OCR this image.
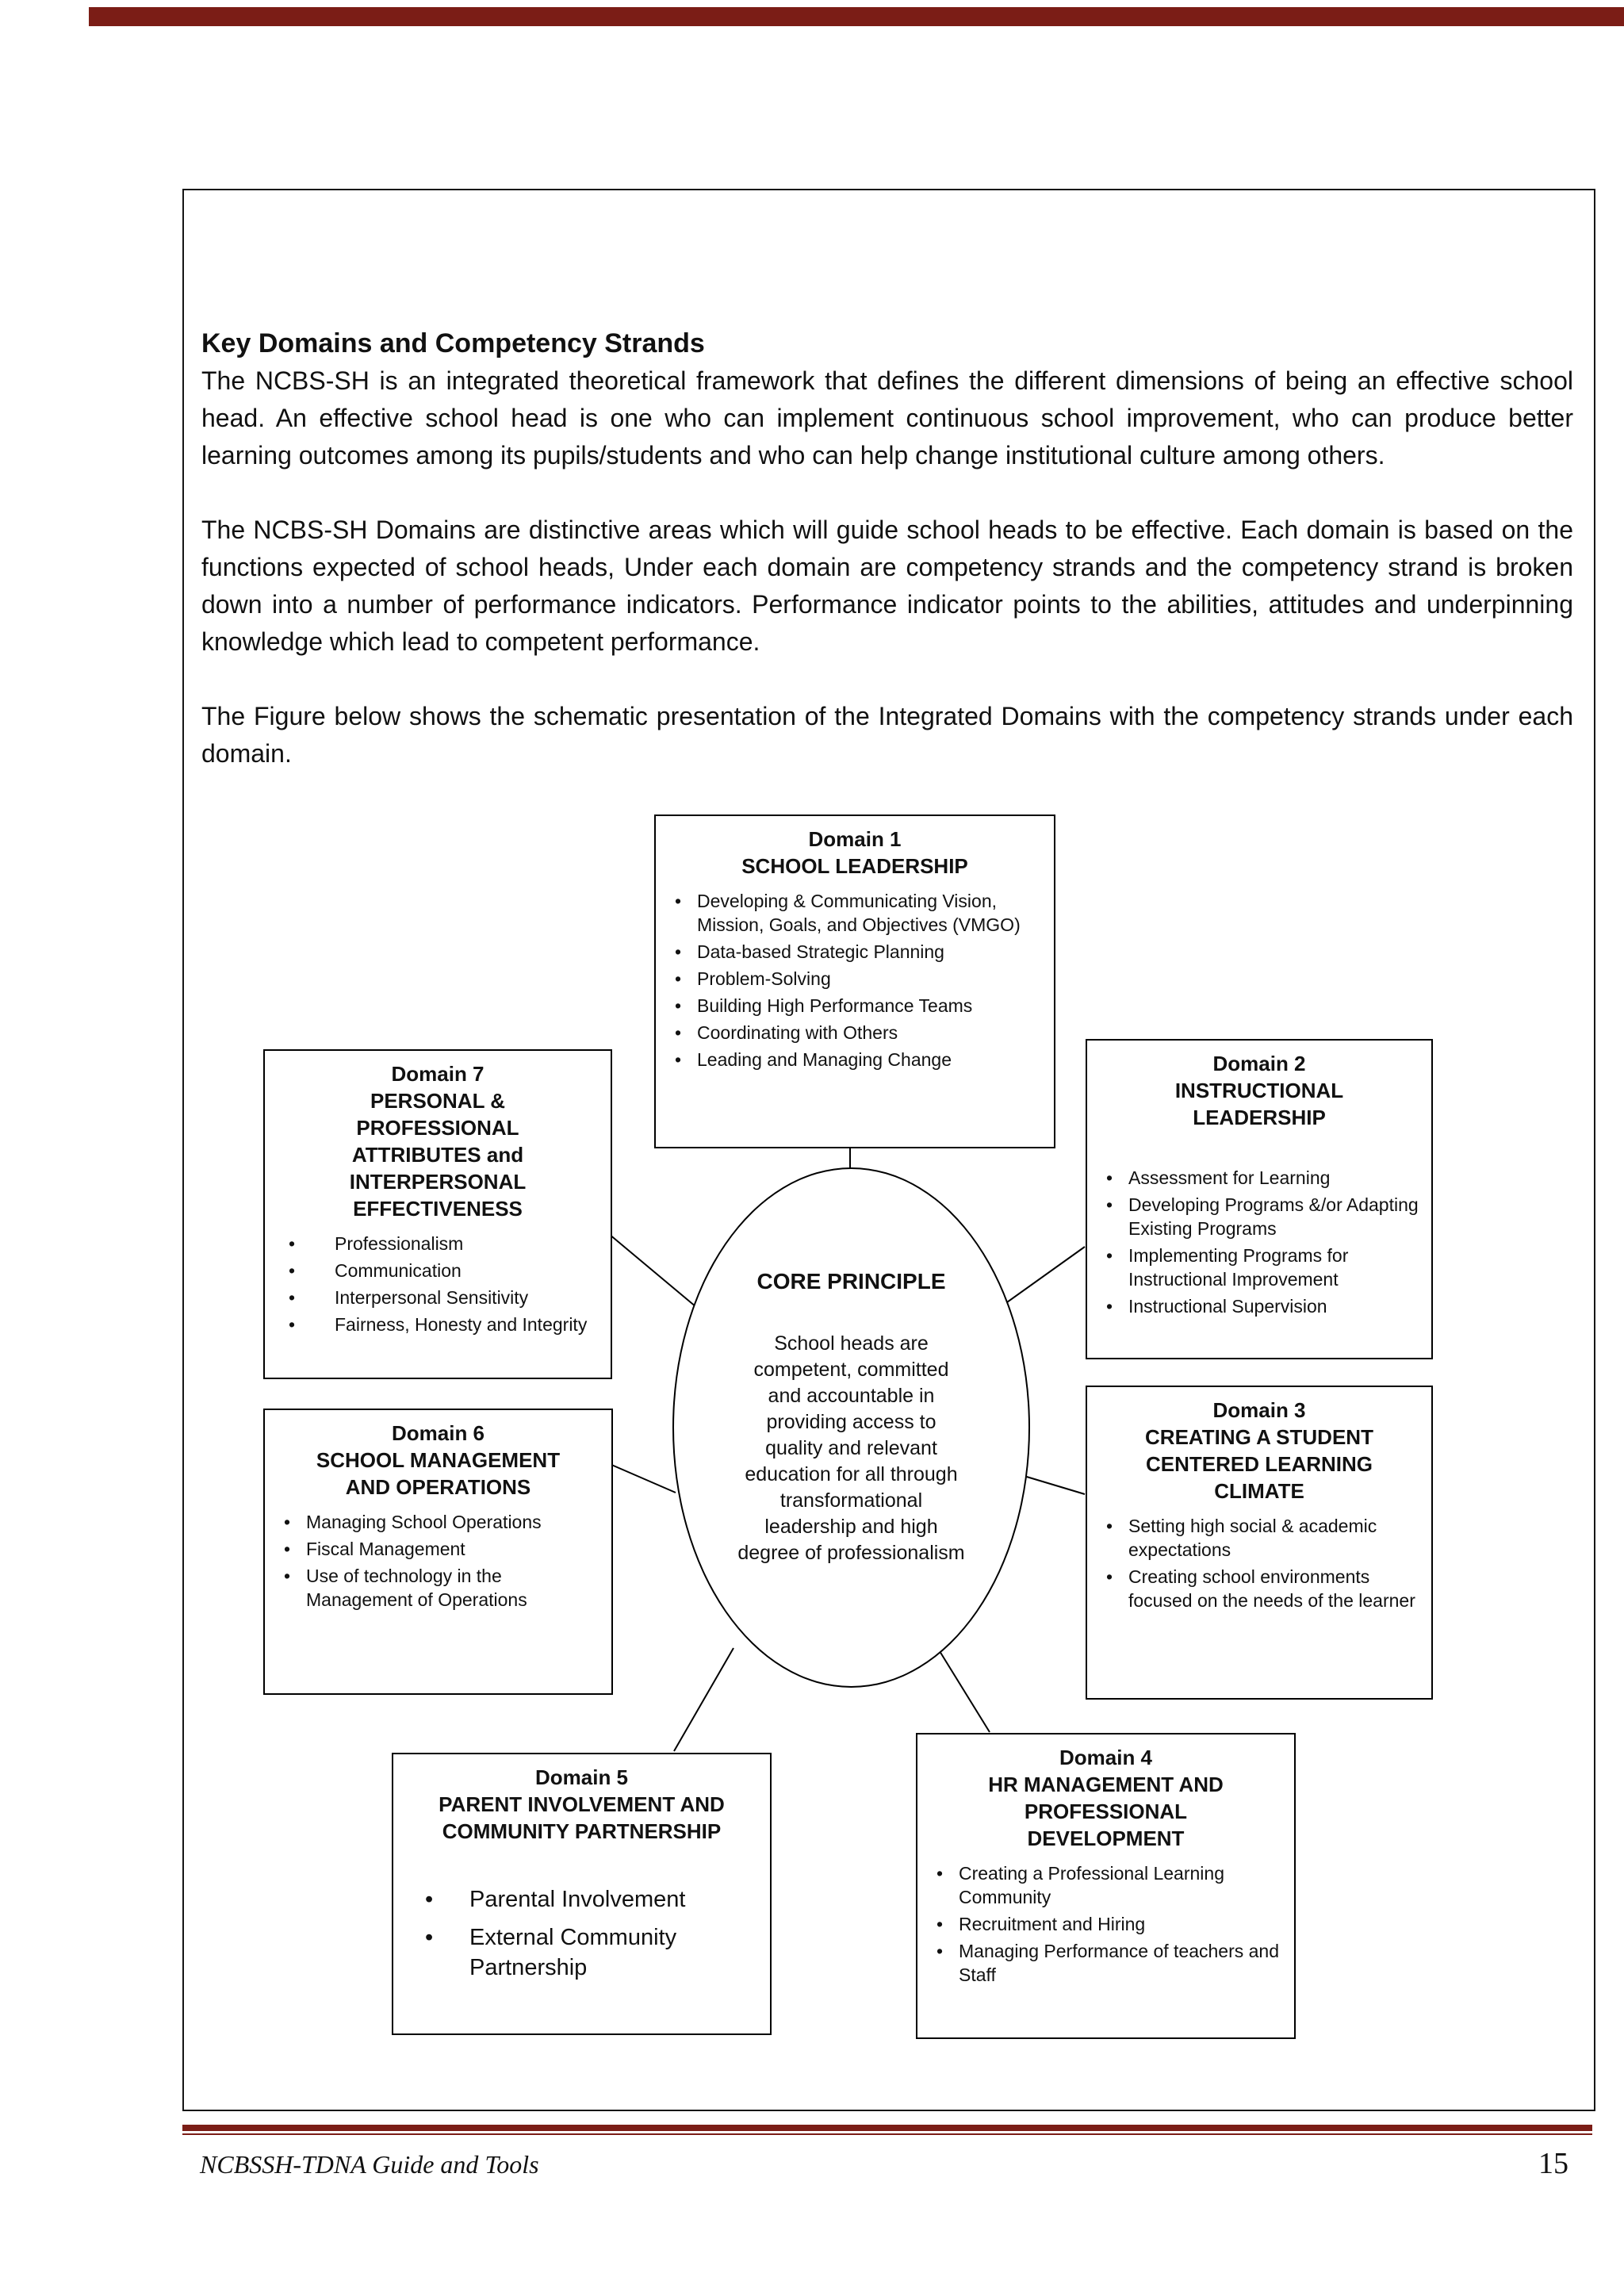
Key Domains and Competency Strands

The NCBS-SH is an integrated theoretical framework that defines the different dimensions of being an effective school head. An effective school head is one who can implement continuous school improvement, who can produce better learning outcomes among its pupils/students and who can help change institutional culture among others.

The NCBS-SH Domains are distinctive areas which will guide school heads to be effective. Each domain is based on the functions expected of school heads, Under each domain are competency strands and the competency strand is broken down into a number of performance indicators. Performance indicator points to the abilities, attitudes and underpinning knowledge which lead to competent performance.

The Figure below shows the schematic presentation of the Integrated Domains with the competency strands under each domain.

Domain 1
SCHOOL LEADERSHIP
• Developing & Communicating Vision, Mission, Goals, and Objectives (VMGO)
• Data-based Strategic Planning
• Problem-Solving
• Building High Performance Teams
• Coordinating with Others
• Leading and Managing Change	Domain 2
INSTRUCTIONAL LEADERSHIP
• Assessment for Learning
• Developing Programs &/or Adapting Existing Programs
• Implementing Programs for Instructional Improvement
• Instructional Supervision
Domain 3
CREATING A STUDENT CENTERED LEARNING CLIMATE
• Setting high social & academic expectations
• Creating school environments focused on the needs of the learner
Domain 4
HR MANAGEMENT AND PROFESSIONAL DEVELOPMENT
• Creating a Professional Learning Community
• Recruitment and Hiring
• Managing Performance of teachers and Staff
Domain 5
PARENT INVOLVEMENT AND COMMUNITY PARTNERSHIP
• Parental Involvement
• External Community Partnership
Domain 6
SCHOOL MANAGEMENT AND OPERATIONS
• Managing School Operations
• Fiscal Management
• Use of technology in the Management of Operations
Domain 7
PERSONAL & PROFESSIONAL ATTRIBUTES and INTERPERSONAL EFFECTIVENESS
• Professionalism
• Communication
• Interpersonal Sensitivity
• Fairness, Honesty and Integrity
CORE PRINCIPLE
School heads are competent, committed and accountable in providing access to quality and relevant education for all through transformational leadership and high degree of professionalism
NCBSSH-TDNA Guide and Tools	15
